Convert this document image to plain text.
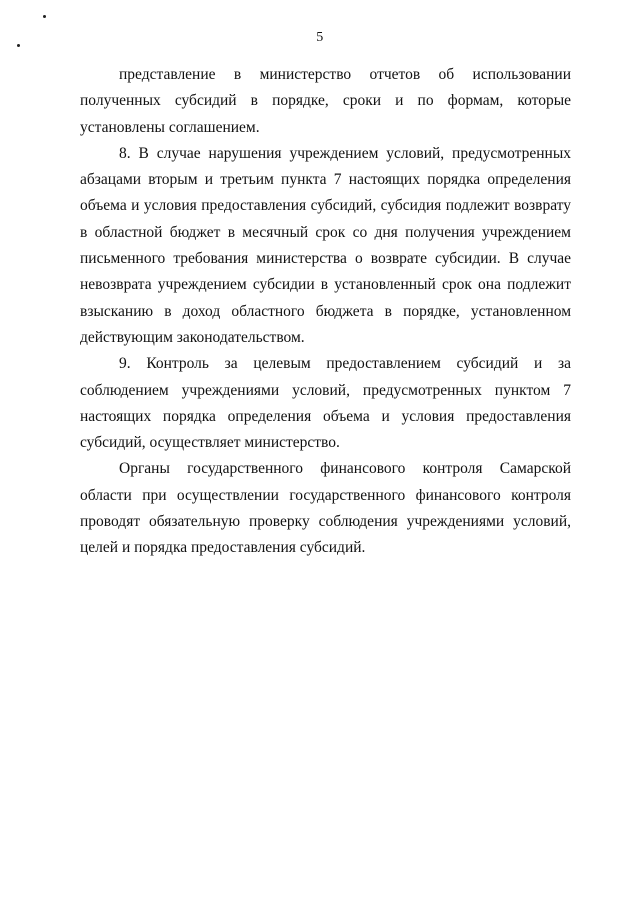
5

представление в министерство отчетов об использовании полученных субсидий в порядке, сроки и по формам, которые установлены соглашением.

8. В случае нарушения учреждением условий, предусмотренных абзацами вторым и третьим пункта 7 настоящих порядка определения объема и условия предоставления субсидий, субсидия подлежит возврату в областной бюджет в месячный срок со дня получения учреждением письменного требования министерства о возврате субсидии. В случае невозврата учреждением субсидии в установленный срок она подлежит взысканию в доход областного бюджета в порядке, установленном действующим законодательством.

9. Контроль за целевым предоставлением субсидий и за соблюдением учреждениями условий, предусмотренных пунктом 7 настоящих порядка определения объема и условия предоставления субсидий, осуществляет министерство.

Органы государственного финансового контроля Самарской области при осуществлении государственного финансового контроля проводят обязательную проверку соблюдения учреждениями условий, целей и порядка предоставления субсидий.
